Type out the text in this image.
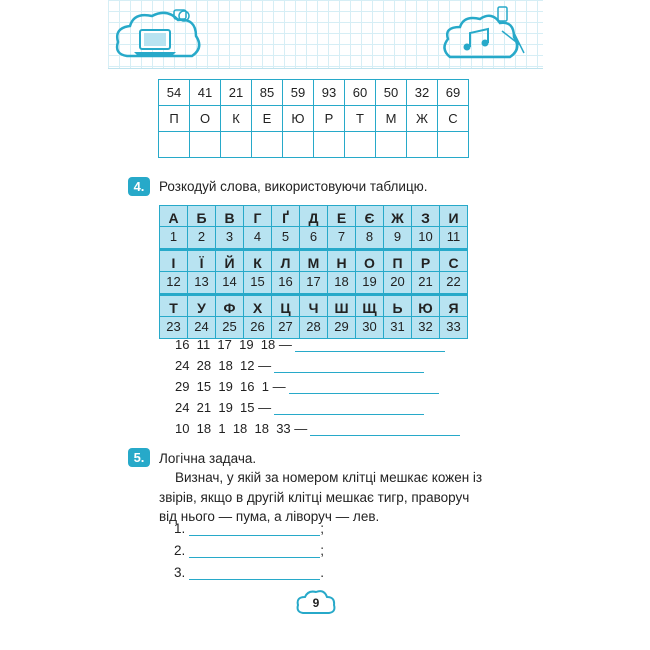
54	41	21	85	59	93	60	50	32	69
П	О	К	Е	Ю	Р	Т	М	Ж	С

4.	Розкодуй слова, використовуючи таблицю.
А	Б	В	Г	Ґ	Д	Е	Є	Ж	З	И
1	2	3	4	5	6	7	8	9	10	11
І	Ї	Й	К	Л	М	Н	О	П	Р	С
12	13	14	15	16	17	18	19	20	21	22
Т	У	Ф	Х	Ц	Ч	Ш	Щ	Ь	Ю	Я
23	24	25	26	27	28	29	30	31	32	33
16  11  17  19  18 —
24  28  18  12 —
29  15  19  16  1 —
24  21  19  15 —
10  18  1  18  18  33 —
5.	Логічна задача.
Визнач, у якій за номером клітці мешкає кожен із
звірів, якщо в другій клітці мешкає тигр, праворуч
від нього — пума, а ліворуч — лев.
1.	;
2.	;
3.	.
9
